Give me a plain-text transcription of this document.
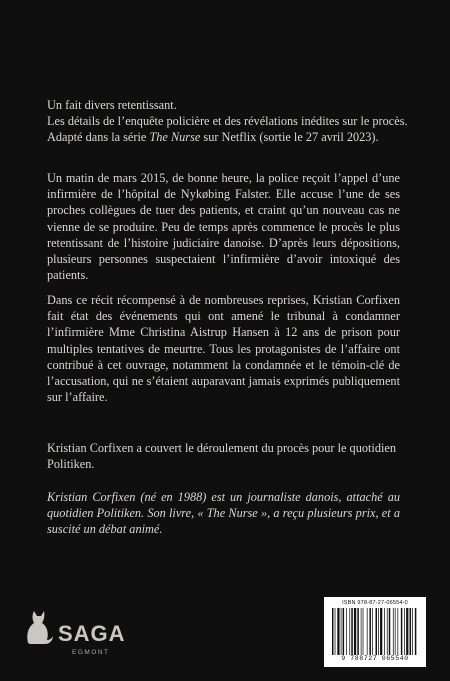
Un fait divers retentissant.

Les détails de l’enquête policière et des révélations inédites sur le procès.

Adapté dans la série The Nurse sur Netflix (sortie le 27 avril 2023).

Un matin de mars 2015, de bonne heure, la police reçoit l’appel d’une infirmière de l’hôpital de Nykøbing Falster. Elle accuse l’une de ses proches collègues de tuer des patients, et craint qu’un nouveau cas ne vienne de se produire. Peu de temps après commence le procès le plus retentissant de l’histoire judiciaire danoise. D’après leurs dépositions, plusieurs personnes suspectaient l’infirmière d’avoir intoxiqué des patients.

Dans ce récit récompensé à de nombreuses reprises, Kristian Corfixen fait état des événements qui ont amené le tribunal à condamner l’infirmière Mme Christina Aistrup Hansen à 12 ans de prison pour multiples tentatives de meurtre. Tous les protagonistes de l’affaire ont contribué à cet ouvrage, notamment la condamnée et le témoin-clé de l’accusation, qui ne s’étaient auparavant jamais exprimés publiquement sur l’affaire.

Kristian Corfixen a couvert le déroulement du procès pour le quotidien Politiken.

Kristian Corfixen (né en 1988) est un journaliste danois, attaché au quotidien Politiken. Son livre, « The Nurse », a reçu plusieurs prix, et a suscité un débat animé.

SAGA
EGMONT
ISBN 978-87-27-06554-0
9 788727 065540
